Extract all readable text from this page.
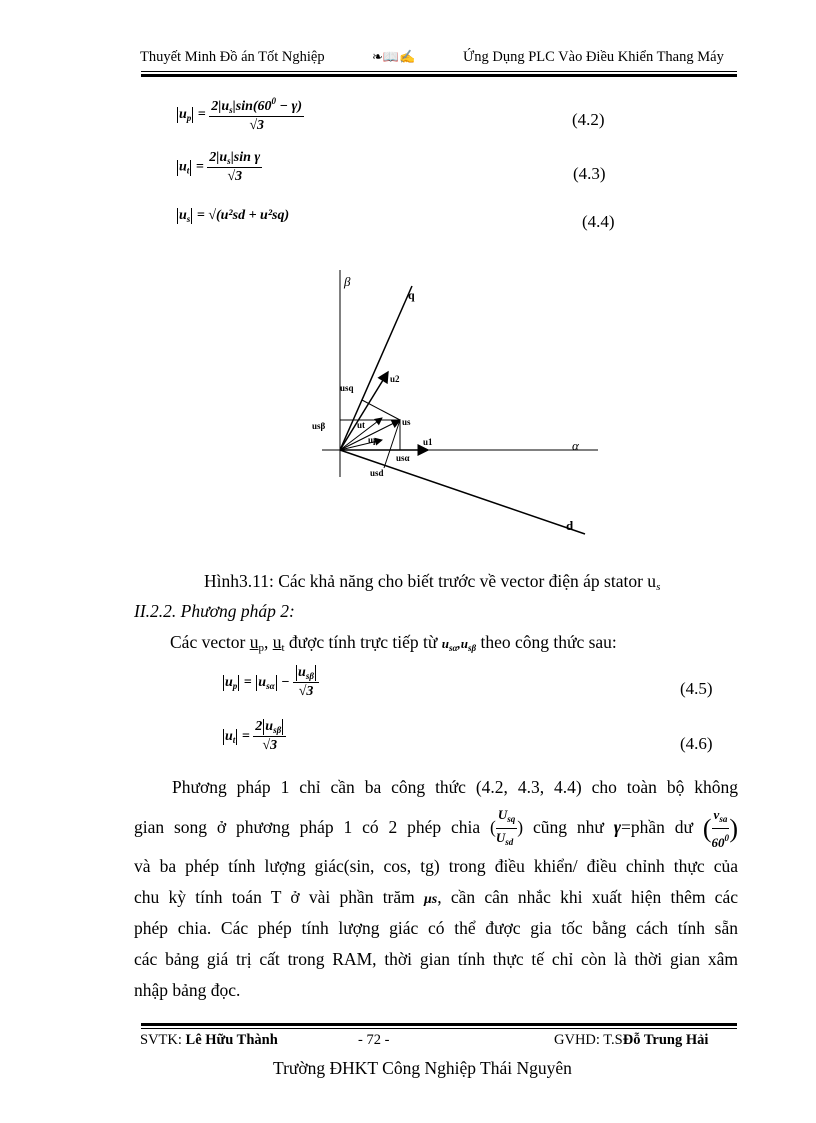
Thuyết Minh Đồ án Tốt Nghiệp	❧📖✍	Ứng Dụng PLC Vào Điều Khiển Thang Máy
$u_p = \frac{2|u_s|\sin(60^0 - \gamma)}{√3}$	(4.2)
$u_t = \frac{2|u_s|\sin \gamma}{√3}$	(4.3)
$u_s = √(u^2sd + u^2sq)$	(4.4)
β
q
α
d
u2
us
u1
usd
usq
usβ	ut
up
usα
Hình3.11: Các khả năng cho biết trước về vector điện áp stator $u_s$
II.2.2. Phương pháp 2:
Các vector $u_p$, $u_t$ được tính trực tiếp từ $u_{s\alpha},u_{s\beta}$ theo công thức sau:
$u_p = u_{s\alpha} - \frac{u_{s\beta}}{√3}$	(4.5)
$u_t = \frac{2 u_{s\beta}}{√3}$	(4.6)
Phương pháp 1 chỉ cần ba công thức (4.2, 4.3, 4.4) cho toàn bộ không
gian song ở phương pháp 1 có 2 phép chia ( $\frac{U_{sq}}{U_{sd}}$ ) cũng như γ=phần dư ( $\frac{v_{sa}}{60^0}$ )
và ba phép tính lượng giác(sin, cos, tg) trong điều khiển/ điều chỉnh thực của
chu kỳ tính toán T ở vài phần trăm μs, cần cân nhắc khi xuất hiện thêm các
phép chia. Các phép tính lượng giác có thể được gia tốc bằng cách tính sẵn
các bảng giá trị cất trong RAM, thời gian tính thực tế chỉ còn là thời gian xâm
nhập bảng đọc.
SVTK: Lê Hữu Thành	- 72 -	GVHD: T.SĐỗ Trung Hải
Trường ĐHKT Công Nghiệp Thái Nguyên
